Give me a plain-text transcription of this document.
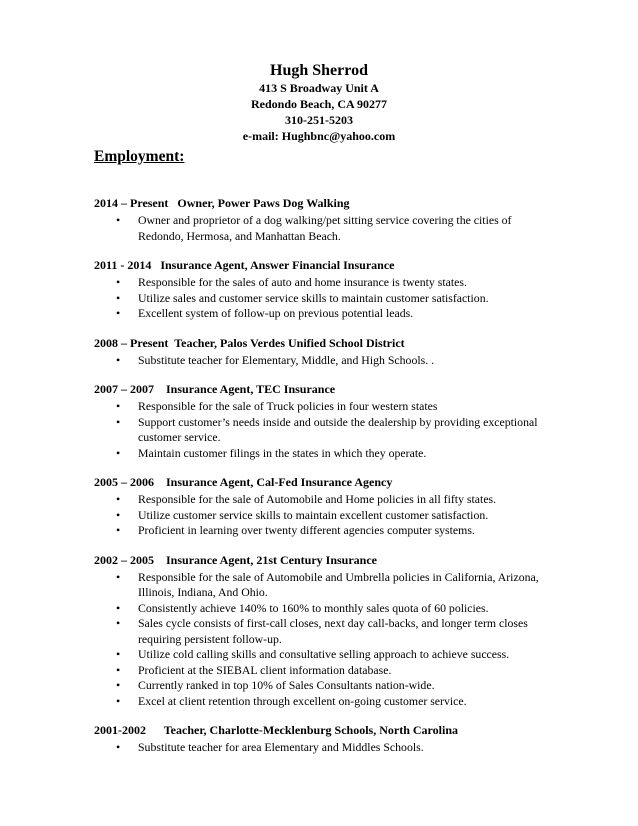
Hugh Sherrod
413 S Broadway Unit A
Redondo Beach, CA 90277
310-251-5203
e-mail: Hughbnc@yahoo.com
Employment:
2014 – Present   Owner, Power Paws Dog Walking
• Owner and proprietor of a dog walking/pet sitting service covering the cities of Redondo, Hermosa, and Manhattan Beach.
2011 - 2014   Insurance Agent, Answer Financial Insurance
• Responsible for the sales of auto and home insurance is twenty states.
• Utilize sales and customer service skills to maintain customer satisfaction.
• Excellent system of follow-up on previous potential leads.
2008 – Present  Teacher, Palos Verdes Unified School District
• Substitute teacher for Elementary, Middle, and High Schools. .
2007 – 2007    Insurance Agent, TEC Insurance
• Responsible for the sale of Truck policies in four western states
• Support customer’s needs inside and outside the dealership by providing exceptional customer service.
• Maintain customer filings in the states in which they operate.
2005 – 2006    Insurance Agent, Cal-Fed Insurance Agency
• Responsible for the sale of Automobile and Home policies in all fifty states.
• Utilize customer service skills to maintain excellent customer satisfaction.
• Proficient in learning over twenty different agencies computer systems.
2002 – 2005    Insurance Agent, 21st Century Insurance
• Responsible for the sale of Automobile and Umbrella policies in California, Arizona, Illinois, Indiana, And Ohio.
• Consistently achieve 140% to 160% to monthly sales quota of 60 policies.
• Sales cycle consists of first-call closes, next day call-backs, and longer term closes requiring persistent follow-up.
• Utilize cold calling skills and consultative selling approach to achieve success.
• Proficient at the SIEBAL client information database.
• Currently ranked in top 10% of Sales Consultants nation-wide.
• Excel at client retention through excellent on-going customer service.
2001-2002      Teacher, Charlotte-Mecklenburg Schools, North Carolina
• Substitute teacher for area Elementary and Middles Schools.
